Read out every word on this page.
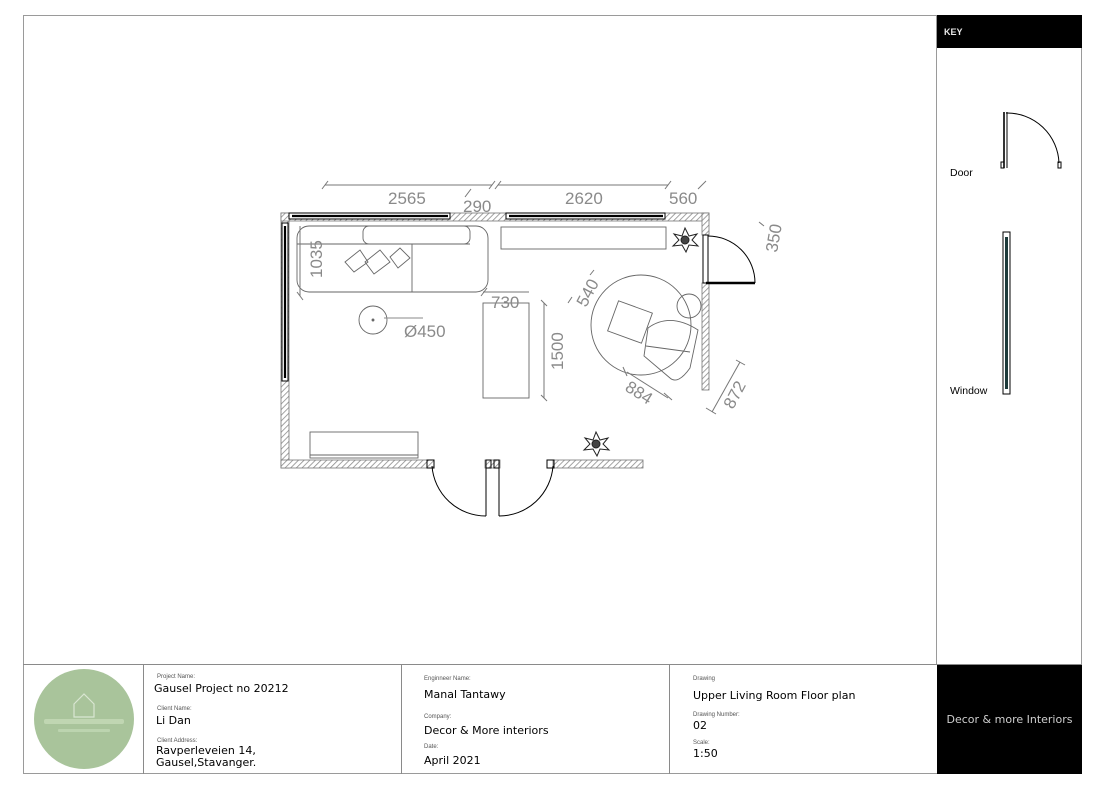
KEY
Door
Window
2565 290	2620	560
350
1035
730	540
Ø450
1500
884	872
Project Name:
Gausel Project no 20212
Client Name:
Li Dan
Client Address:
Ravperleveien 14,
Gausel,Stavanger.
Enginneer Name:
Manal Tantawy
Company:
Decor & More interiors
Date:
April 2021
Drawing
Upper Living Room Floor plan
Drawing Number:
02
Scale:
1:50
Decor & more Interiors
